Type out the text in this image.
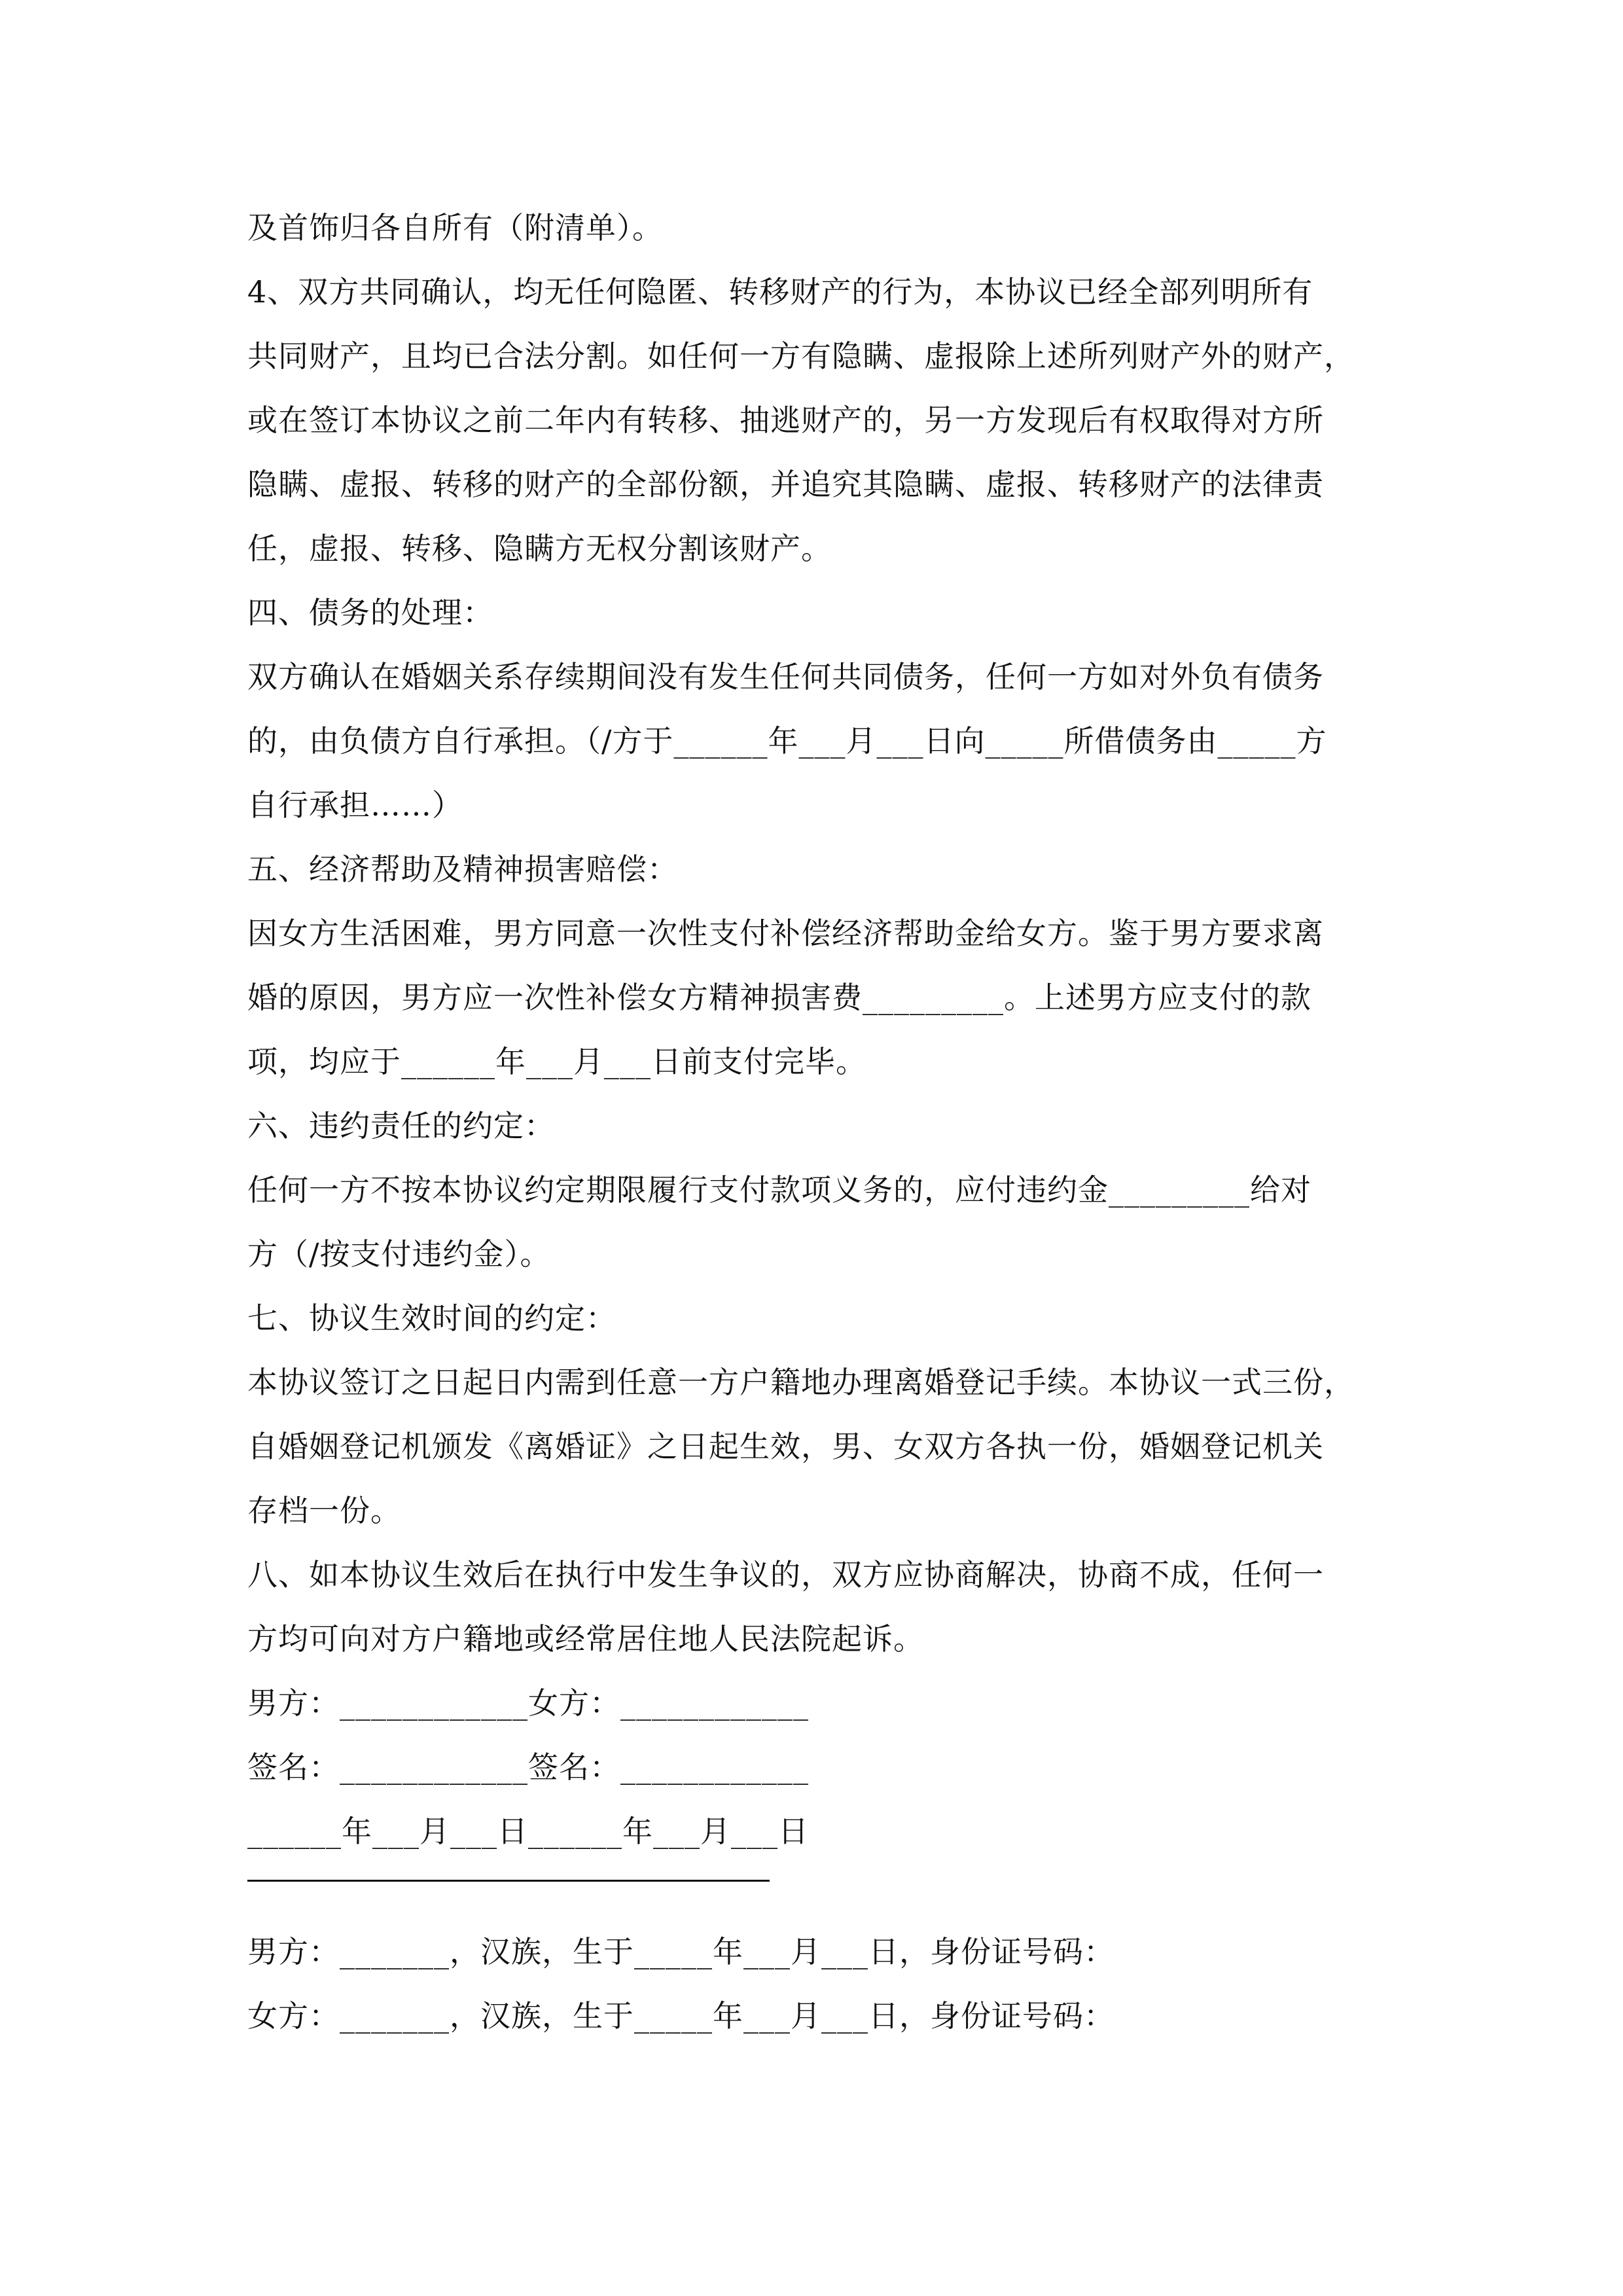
及首饰归各自所有（附清单）。
4、双方共同确认，均无任何隐匿、转移财产的行为，本协议已经全部列明所有
共同财产，且均已合法分割。如任何一方有隐瞒、虚报除上述所列财产外的财产，
或在签订本协议之前二年内有转移、抽逃财产的，另一方发现后有权取得对方所
隐瞒、虚报、转移的财产的全部份额，并追究其隐瞒、虚报、转移财产的法律责
任，虚报、转移、隐瞒方无权分割该财产。
四、债务的处理：
双方确认在婚姻关系存续期间没有发生任何共同债务，任何一方如对外负有债务
的，由负债方自行承担。（/方于______年___月___日向_____所借债务由_____方
自行承担……）
五、经济帮助及精神损害赔偿：
因女方生活困难，男方同意一次性支付补偿经济帮助金给女方。鉴于男方要求离
婚的原因，男方应一次性补偿女方精神损害费_________。上述男方应支付的款
项，均应于______年___月___日前支付完毕。
六、违约责任的约定：
任何一方不按本协议约定期限履行支付款项义务的，应付违约金_________给对
方（/按支付违约金）。
七、协议生效时间的约定：
本协议签订之日起日内需到任意一方户籍地办理离婚登记手续。本协议一式三份，
自婚姻登记机颁发《离婚证》之日起生效，男、女双方各执一份，婚姻登记机关
存档一份。
八、如本协议生效后在执行中发生争议的，双方应协商解决，协商不成，任何一
方均可向对方户籍地或经常居住地人民法院起诉。
男方：____________女方：____________
签名：____________签名：____________
______年___月___日______年___月___日
男方：_______，汉族，生于_____年___月___日，身份证号码：
女方：_______，汉族，生于_____年___月___日，身份证号码：
